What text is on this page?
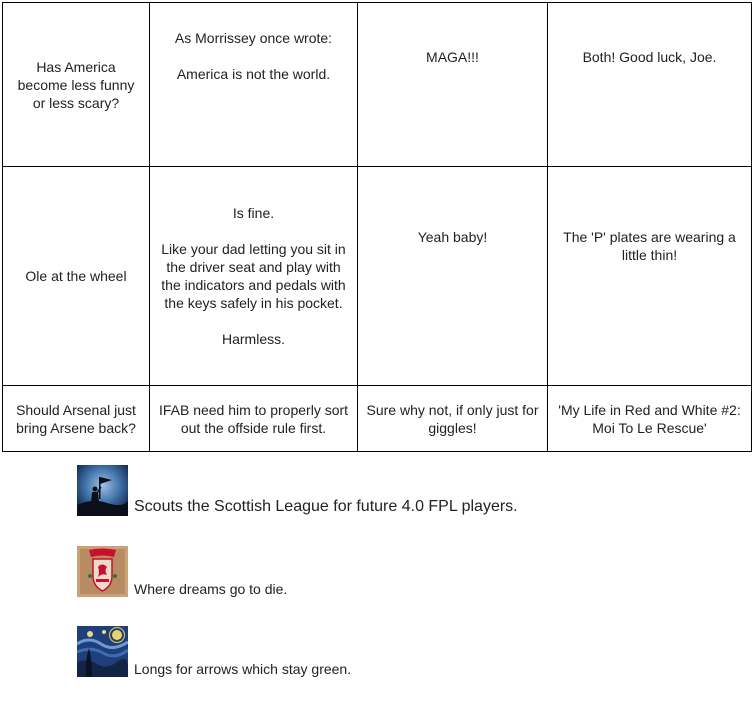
Has America
become less funny
or less scary?	As Morrissey once wrote:

America is not the world.	MAGA!!!	Both! Good luck, Joe.
Ole at the wheel	Is fine.

Like your dad letting you sit in the driver seat and play with the indicators and pedals with the keys safely in his pocket.

Harmless.	Yeah baby!	The 'P' plates are wearing a little thin!
Should Arsenal just bring Arsene back?	IFAB need him to properly sort out the offside rule first.	Sure why not, if only just for giggles!	'My Life in Red and White #2: Moi To Le Rescue'
Scouts the Scottish League for future 4.0 FPL players.
Where dreams go to die.
Longs for arrows which stay green.
